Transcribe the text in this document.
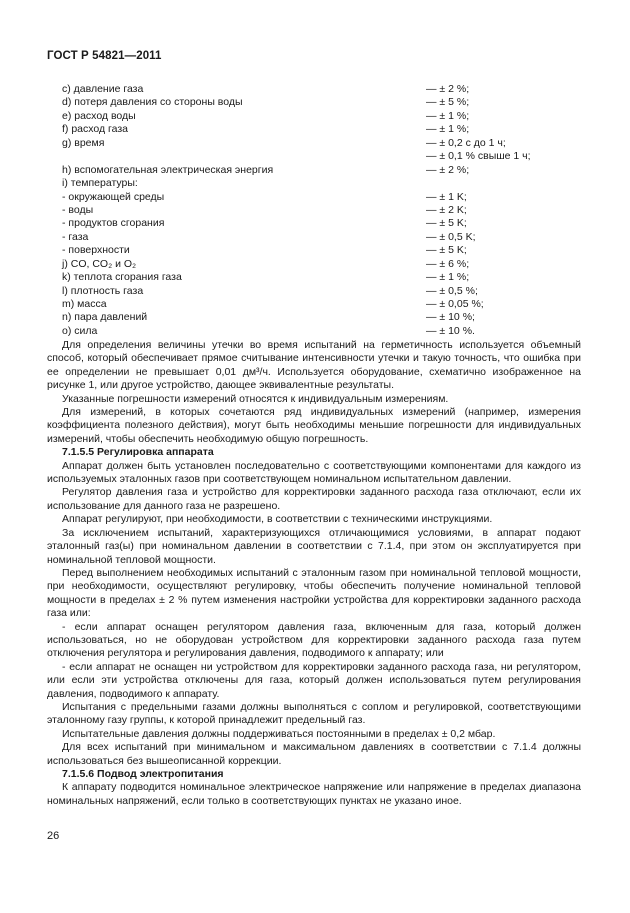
ГОСТ Р 54821—2011
c) давление газа	— ± 2 %;
d) потеря давления со стороны воды	— ± 5 %;
e) расход воды	— ± 1 %;
f) расход газа	— ± 1 %;
g) время	— ± 0,2 с до 1 ч;
— ± 0,1 % свыше 1 ч;
h) вспомогательная электрическая энергия	— ± 2 %;
i) температуры:
- окружающей среды	— ± 1 K;
- воды	— ± 2 K;
- продуктов сгорания	— ± 5 K;
- газа	— ± 0,5 K;
- поверхности	— ± 5 K;
j) CO, CO₂ и O₂	— ± 6 %;
k) теплота сгорания газа	— ± 1 %;
l) плотность газа	— ± 0,5 %;
m) масса	— ± 0,05 %;
n) пара давлений	— ± 10 %;
o) сила	— ± 10 %.

Для определения величины утечки во время испытаний на герметичность используется объемный способ, который обеспечивает прямое считывание интенсивности утечки и такую точность, что ошибка при ее определении не превышает 0,01 дм³/ч. Используется оборудование, схематично изображенное на рисунке 1, или другое устройство, дающее эквивалентные результаты.

Указанные погрешности измерений относятся к индивидуальным измерениям.

Для измерений, в которых сочетаются ряд индивидуальных измерений (например, измерения коэффициента полезного действия), могут быть необходимы меньшие погрешности для индивидуальных измерений, чтобы обеспечить необходимую общую погрешность.

7.1.5.5 Регулировка аппарата

Аппарат должен быть установлен последовательно с соответствующими компонентами для каждого из используемых эталонных газов при соответствующем номинальном испытательном давлении.

Регулятор давления газа и устройство для корректировки заданного расхода газа отключают, если их использование для данного газа не разрешено.

Аппарат регулируют, при необходимости, в соответствии с техническими инструкциями.

За исключением испытаний, характеризующихся отличающимися условиями, в аппарат подают эталонный газ(ы) при номинальном давлении в соответствии с 7.1.4, при этом он эксплуатируется при номинальной тепловой мощности.

Перед выполнением необходимых испытаний с эталонным газом при номинальной тепловой мощности, при необходимости, осуществляют регулировку, чтобы обеспечить получение номинальной тепловой мощности в пределах ± 2 % путем изменения настройки устройства для корректировки заданного расхода газа или:

- если аппарат оснащен регулятором давления газа, включенным для газа, который должен использоваться, но не оборудован устройством для корректировки заданного расхода газа путем отключения регулятора и регулирования давления, подводимого к аппарату; или

- если аппарат не оснащен ни устройством для корректировки заданного расхода газа, ни регулятором, или если эти устройства отключены для газа, который должен использоваться путем регулирования давления, подводимого к аппарату.

Испытания с предельными газами должны выполняться с соплом и регулировкой, соответствующими эталонному газу группы, к которой принадлежит предельный газ.

Испытательные давления должны поддерживаться постоянными в пределах ± 0,2 мбар.

Для всех испытаний при минимальном и максимальном давлениях в соответствии с 7.1.4 должны использоваться без вышеописанной коррекции.

7.1.5.6 Подвод электропитания

К аппарату подводится номинальное электрическое напряжение или напряжение в пределах диапазона номинальных напряжений, если только в соответствующих пунктах не указано иное.

26
